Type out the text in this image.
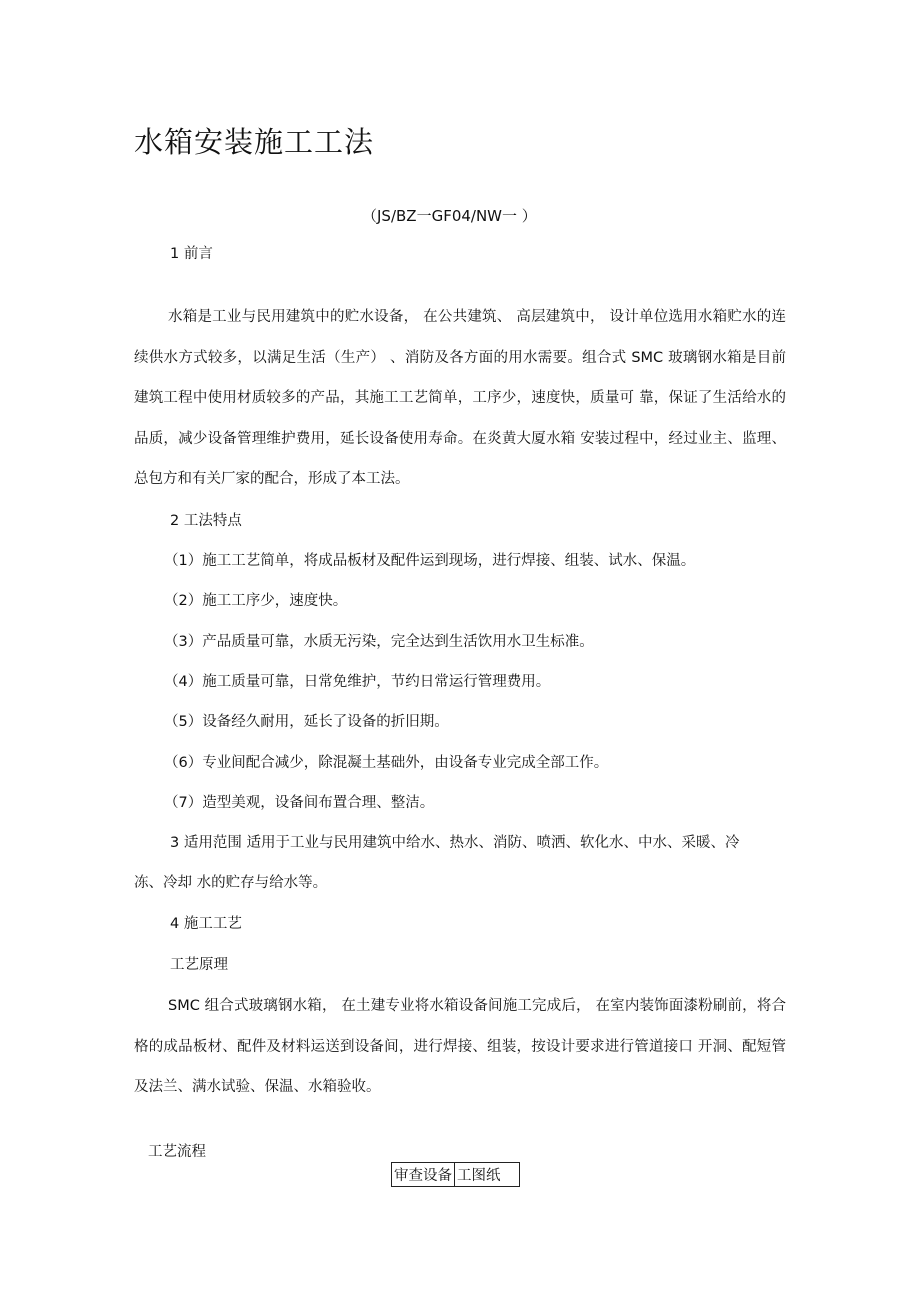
水箱安装施工工法
（JS/BZ一GF04/NW一 ）
1 前言

水箱是工业与民用建筑中的贮水设备， 在公共建筑、 高层建筑中， 设计单位选用水箱贮水的连续供水方式较多，以满足生活（生产） 、消防及各方面的用水需要。组合式 SMC 玻璃钢水箱是目前建筑工程中使用材质较多的产品，其施工工艺简单，工序少，速度快，质量可 靠，保证了生活给水的品质，减少设备管理维护费用，延长设备使用寿命。在炎黄大厦水箱 安装过程中，经过业主、监理、总包方和有关厂家的配合，形成了本工法。

2 工法特点
（1）施工工艺简单，将成品板材及配件运到现场，进行焊接、组装、试水、保温。
（2）施工工序少，速度快。
（3）产品质量可靠，水质无污染，完全达到生活饮用水卫生标准。
（4）施工质量可靠，日常免维护，节约日常运行管理费用。
（5）设备经久耐用，延长了设备的折旧期。
（6）专业间配合减少，除混凝土基础外，由设备专业完成全部工作。
（7）造型美观，设备间布置合理、整洁。
3 适用范围 适用于工业与民用建筑中给水、热水、消防、喷洒、软化水、中水、采暖、冷
冻、冷却 水的贮存与给水等。
4 施工工艺
工艺原理

SMC 组合式玻璃钢水箱， 在土建专业将水箱设备间施工完成后， 在室内装饰面漆粉刷前，将合格的成品板材、配件及材料运送到设备间，进行焊接、组装，按设计要求进行管道接口 开洞、配短管及法兰、满水试验、保温、水箱验收。

工艺流程
审查设备	工图纸
